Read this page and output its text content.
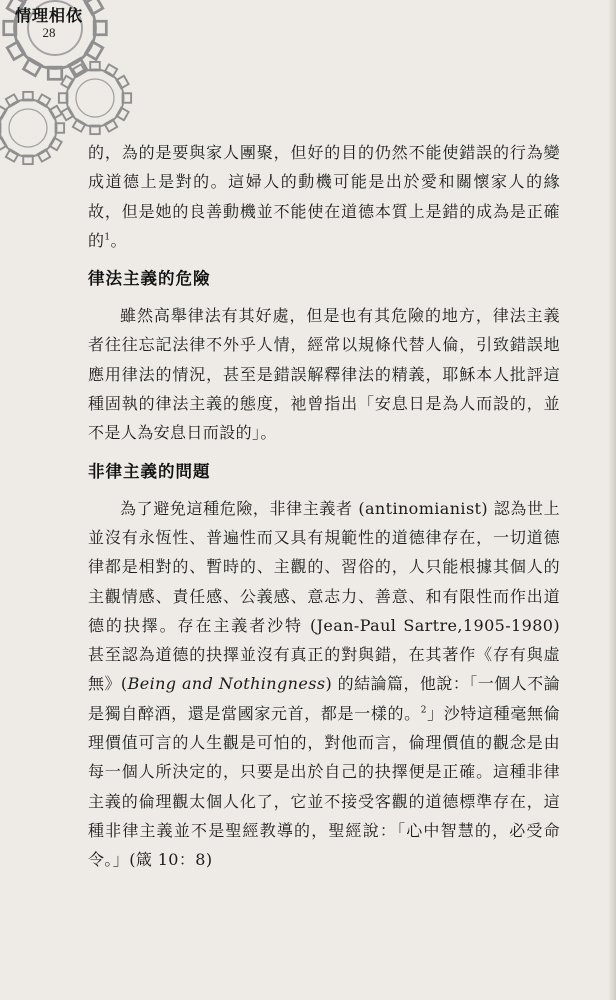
情理相依
28

的，為的是要與家人團聚，但好的目的仍然不能使錯誤的行為變成道德上是對的。這婦人的動機可能是出於愛和關懷家人的緣故，但是她的良善動機並不能使在道德本質上是錯的成為是正確的$^1$。

律法主義的危險

雖然高舉律法有其好處，但是也有其危險的地方，律法主義者往往忘記法律不外乎人情，經常以規條代替人倫，引致錯誤地應用律法的情況，甚至是錯誤解釋律法的精義，耶穌本人批評這種固執的律法主義的態度，祂曾指出「安息日是為人而設的，並不是人為安息日而設的」。

非律主義的問題

為了避免這種危險，非律主義者 (antinomianist) 認為世上並沒有永恆性、普遍性而又具有規範性的道德律存在，一切道德律都是相對的、暫時的、主觀的、習俗的，人只能根據其個人的主觀情感、責任感、公義感、意志力、善意、和有限性而作出道德的抉擇。存在主義者沙特 (Jean-Paul Sartre,1905-1980) 甚至認為道德的抉擇並沒有真正的對與錯，在其著作《存有與虛無》(Being and Nothingness) 的結論篇，他說：「一個人不論是獨自醉酒，還是當國家元首，都是一樣的。$^2$」沙特這種毫無倫理價值可言的人生觀是可怕的，對他而言，倫理價值的觀念是由每一個人所決定的，只要是出於自己的抉擇便是正確。這種非律主義的倫理觀太個人化了，它並不接受客觀的道德標準存在，這種非律主義並不是聖經教導的，聖經說：「心中智慧的，必受命令。」(箴 10：8)
